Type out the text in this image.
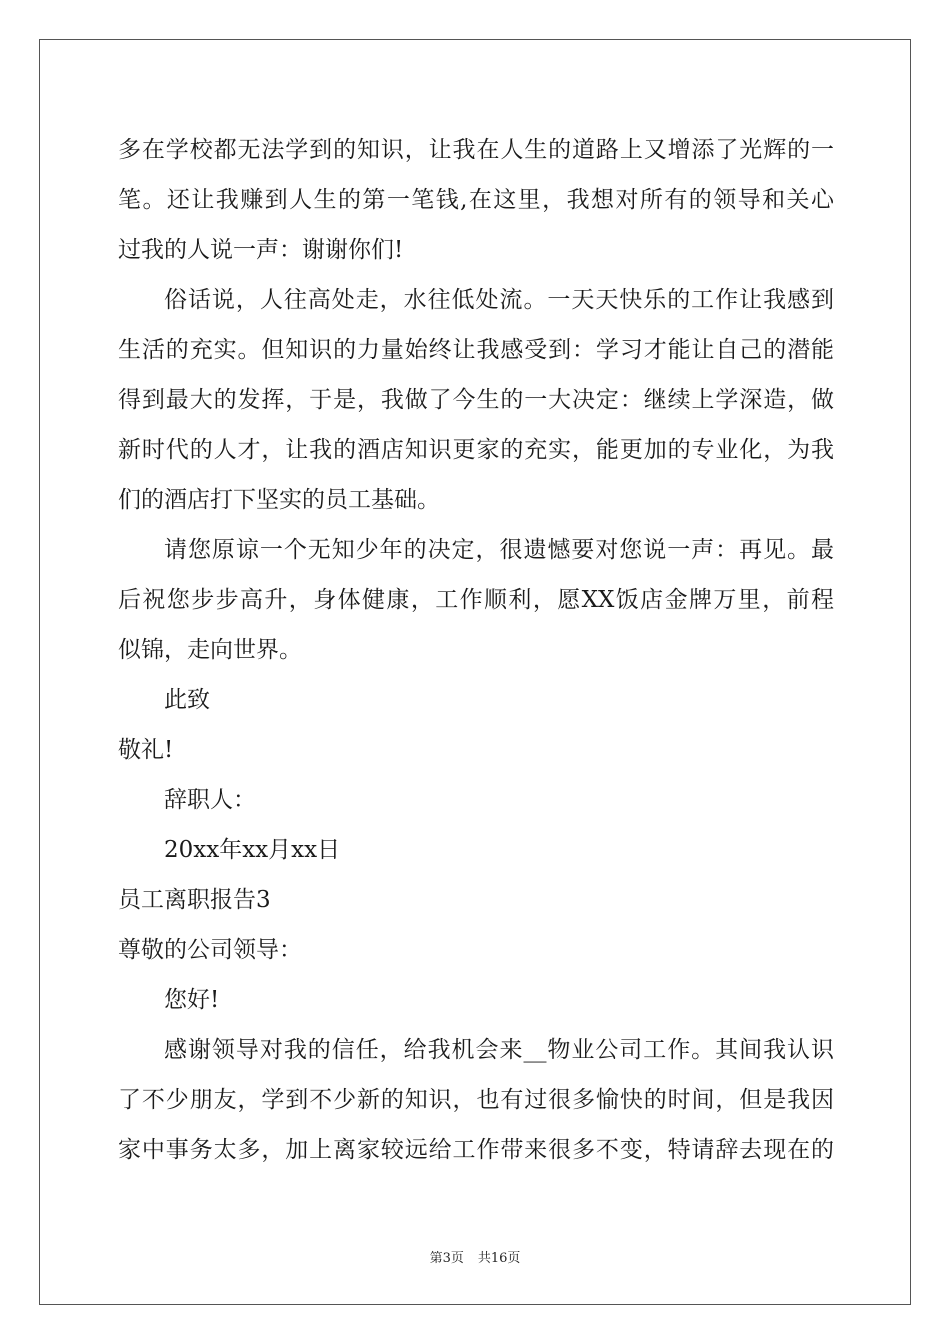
多在学校都无法学到的知识，让我在人生的道路上又增添了光辉的一
笔。还让我赚到人生的第一笔钱,在这里，我想对所有的领导和关心
过我的人说一声：谢谢你们!
俗话说，人往高处走，水往低处流。一天天快乐的工作让我感到
生活的充实。但知识的力量始终让我感受到：学习才能让自己的潜能
得到最大的发挥，于是，我做了今生的一大决定：继续上学深造，做
新时代的人才，让我的酒店知识更家的充实，能更加的专业化，为我
们的酒店打下坚实的员工基础。
请您原谅一个无知少年的决定，很遗憾要对您说一声：再见。最
后祝您步步高升，身体健康，工作顺利，愿XX饭店金牌万里，前程
似锦，走向世界。
此致
敬礼!
辞职人：
20xx年xx月xx日
员工离职报告3
尊敬的公司领导：
您好!
感谢领导对我的信任，给我机会来__物业公司工作。其间我认识
了不少朋友，学到不少新的知识，也有过很多愉快的时间，但是我因
家中事务太多，加上离家较远给工作带来很多不变，特请辞去现在的
第3页 共16页
